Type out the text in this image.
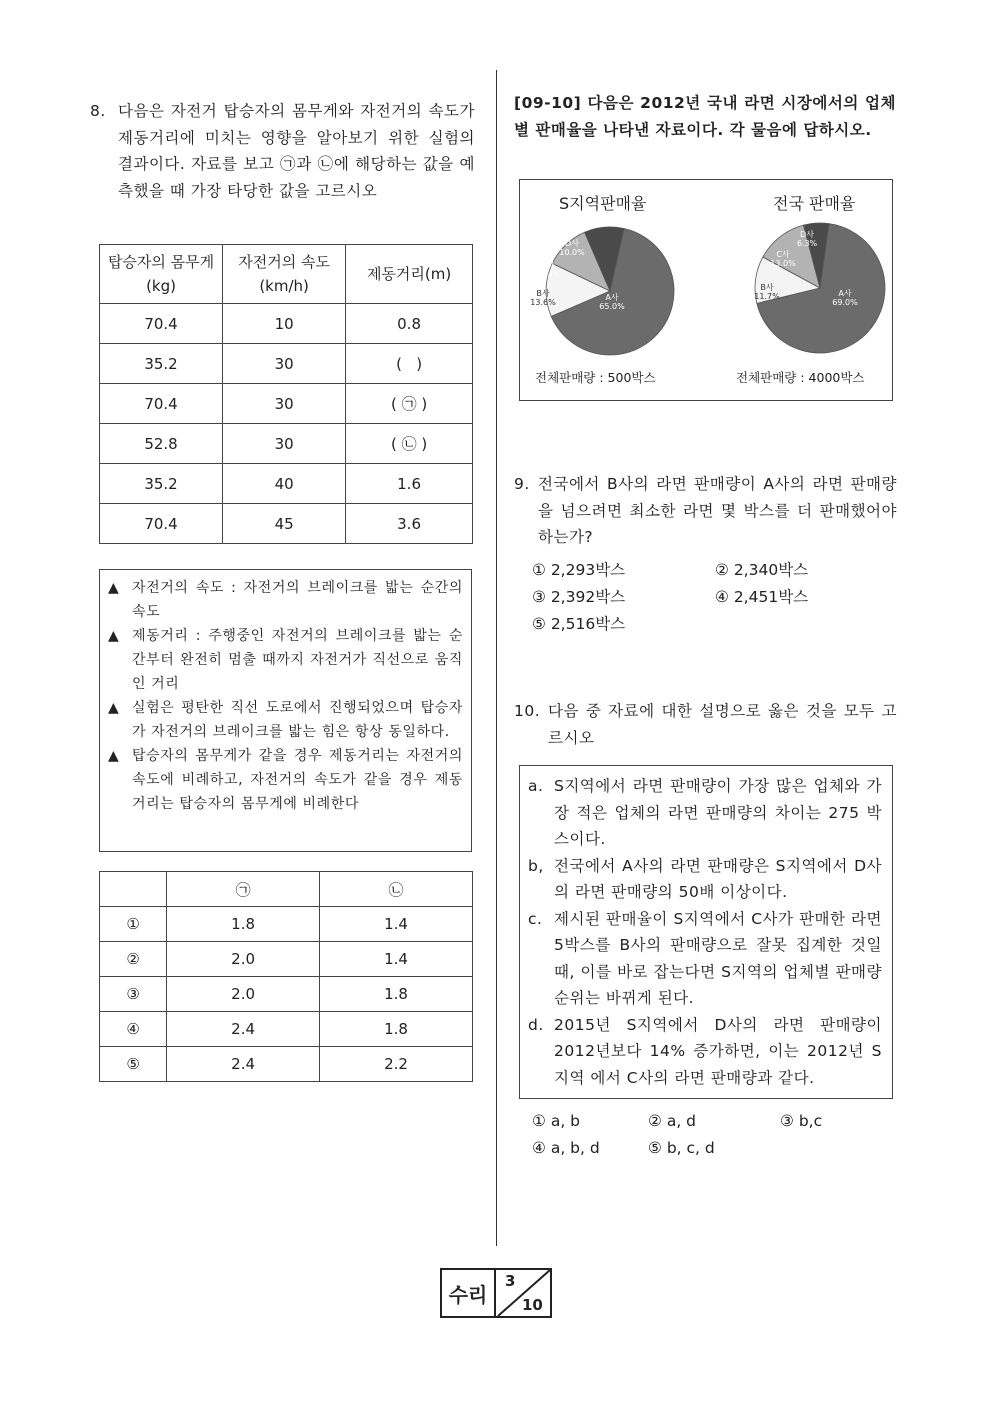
8. 다음은 자전거 탑승자의 몸무게와 자전거의 속도가 제동거리에 미치는 영향을 알아보기 위한 실험의 결과이다. 자료를 보고 ㉠과 ㉡에 해당하는 값을 예측했을 때 가장 타당한 값을 고르시오
탑승자의 몸무게(kg)	자전거의 속도(km/h)	제동거리(m)
70.4	10	0.8
35.2	30	(   )
70.4	30	( ㉠ )
52.8	30	( ㉡ )
35.2	40	1.6
70.4	45	3.6
▲ 자전거의 속도 : 자전거의 브레이크를 밟는 순간의 속도
▲ 제동거리 : 주행중인 자전거의 브레이크를 밟는 순간부터 완전히 멈출 때까지 자전거가 직선으로 움직인 거리
▲ 실험은 평탄한 직선 도로에서 진행되었으며 탑승자가 자전거의 브레이크를 밟는 힘은 항상 동일하다.
▲ 탑승자의 몸무게가 같을 경우 제동거리는 자전거의 속도에 비례하고, 자전거의 속도가 같을 경우 제동거리는 탑승자의 몸무게에 비례한다
	㉠	㉡
①	1.8	1.4
②	2.0	1.4
③	2.0	1.8
④	2.4	1.8
⑤	2.4	2.2
[09-10] 다음은 2012년 국내 라면 시장에서의 업체별 판매율을 나타낸 자료이다. 각 물음에 답하시오.
S지역판매율	전국 판매율
A사
65.0%
B사
13.6%
C사
11.4%
D사
10.0%
A사
69.0%
B사
11.7%
C사
13.0%
D사
6.3%
전체판매량 : 500박스	전체판매량 : 4000박스
9. 전국에서 B사의 라면 판매량이 A사의 라면 판매량을 넘으려면 최소한 라면 몇 박스를 더 판매했어야 하는가?
① 2,293박스	② 2,340박스
③ 2,392박스	④ 2,451박스
⑤ 2,516박스
10. 다음 중 자료에 대한 설명으로 옳은 것을 모두 고르시오
a. S지역에서 라면 판매량이 가장 많은 업체와 가장 적은 업체의 라면 판매량의 차이는 275 박스이다.
b, 전국에서 A사의 라면 판매량은 S지역에서 D사의 라면 판매량의 50배 이상이다.
c. 제시된 판매율이 S지역에서 C사가 판매한 라면 5박스를 B사의 판매량으로 잘못 집계한 것일 때, 이를 바로 잡는다면 S지역의 업체별 판매량 순위는 바뀌게 된다.
d. 2015년 S지역에서 D사의 라면 판매량이 2012년보다 14% 증가하면, 이는 2012년 S지역 에서 C사의 라면 판매량과 같다.
① a, b	② a, d	③ b,c
④ a, b, d	⑤ b, c, d
수리
3
10
